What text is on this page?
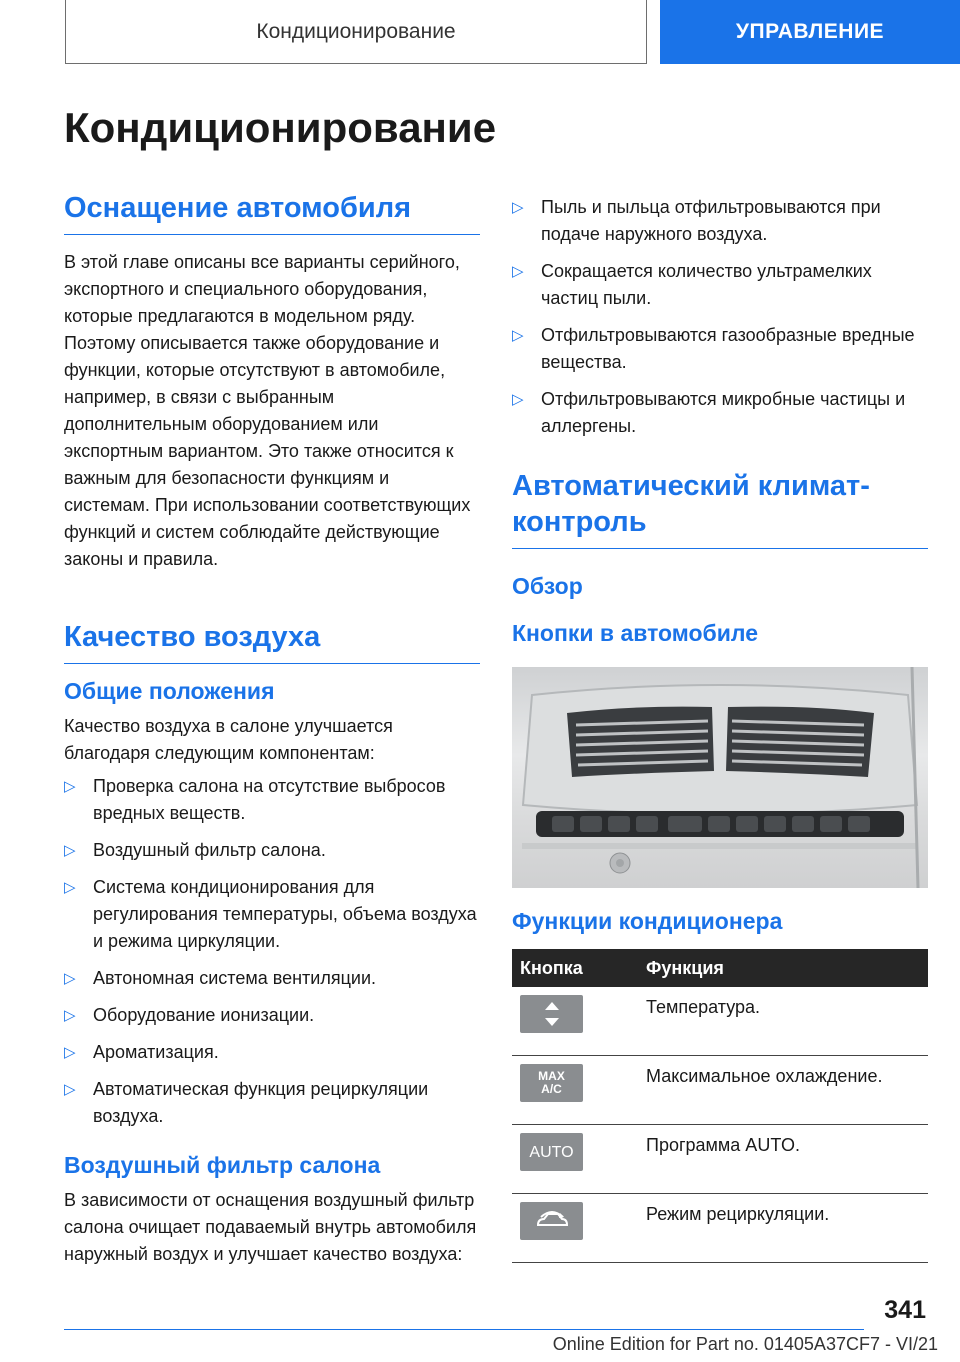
Кондиционирование	УПРАВЛЕНИЕ
Кондиционирование
Оснащение автомобиля

В этой главе описаны все варианты серийного, экспортного и специального оборудования, которые предлагаются в модельном ряду. Поэтому описывается также оборудование и функции, которые отсутствуют в автомобиле, например, в связи с выбранным дополнительным оборудованием или экспортным вариантом. Это также относится к важным для безопасности функциям и системам. При использовании соответствующих функций и систем соблюдайте действующие законы и правила.

Качество воздуха
Общие положения

Качество воздуха в салоне улучшается благодаря следующим компонентам:

▷ Проверка салона на отсутствие выбросов вредных веществ.
▷ Воздушный фильтр салона.
▷ Система кондиционирования для регулирования температуры, объема воздуха и режима циркуляции.
▷ Автономная система вентиляции.
▷ Оборудование ионизации.
▷ Ароматизация.
▷ Автоматическая функция рециркуляции воздуха.
Воздушный фильтр салона

В зависимости от оснащения воздушный фильтр салона очищает подаваемый внутрь автомобиля наружный воздух и улучшает качество воздуха:

▷ Пыль и пыльца отфильтровываются при подаче наружного воздуха.
▷ Сокращается количество ультрамелких частиц пыли.
▷ Отфильтровываются газообразные вредные вещества.
▷ Отфильтровываются микробные частицы и аллергены.
Автоматический климат-контроль
Обзор
Кнопки в автомобиле
Функции кондиционера
Кнопка	Функция

	Температура.

MAX A/C	Максимальное охлаждение.

AUTO	Программа AUTO.

	Режим рециркуляции.
341
Online Edition for Part no. 01405A37CF7 - VI/21
